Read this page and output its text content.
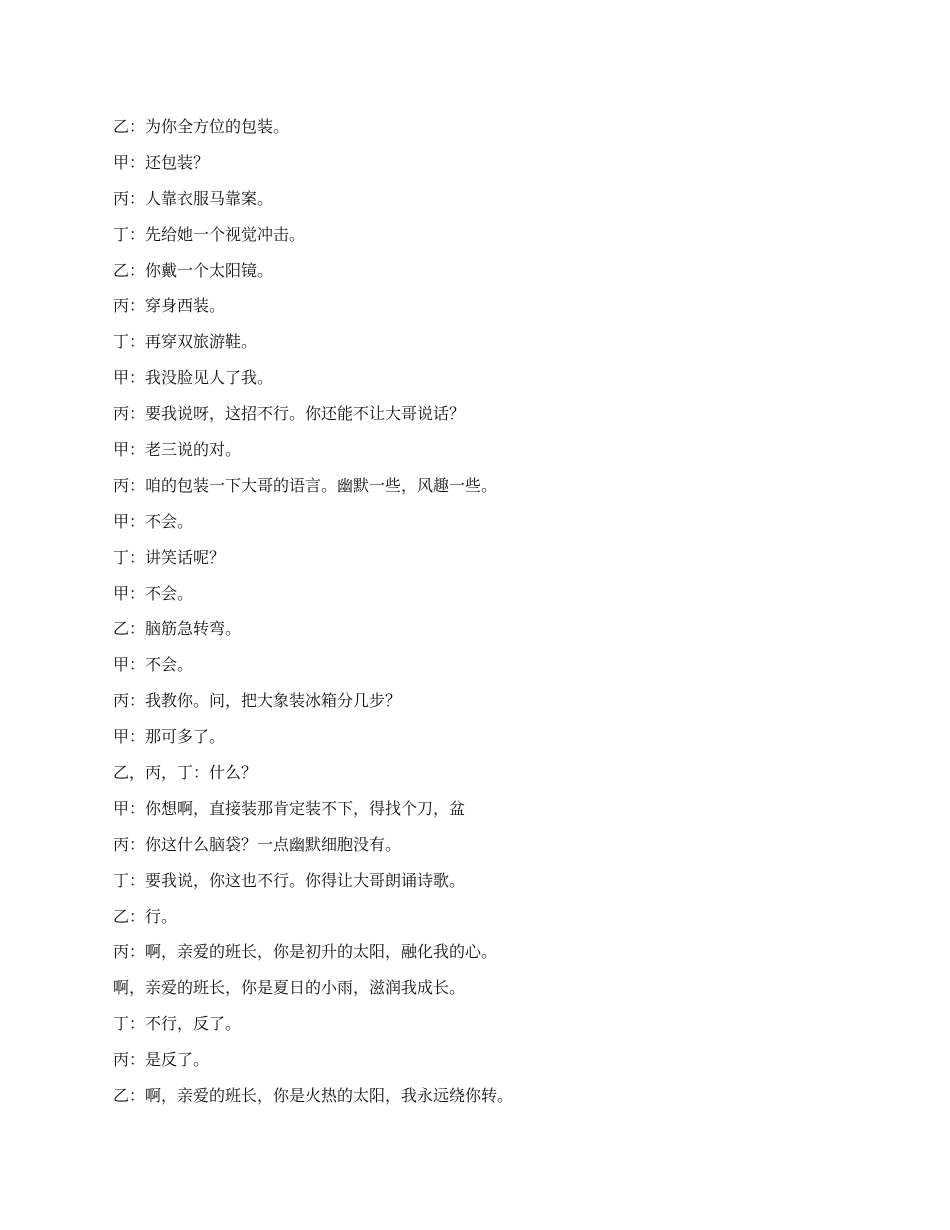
乙：为你全方位的包装。
甲：还包装？
丙：人靠衣服马靠案。
丁：先给她一个视觉冲击。
乙：你戴一个太阳镜。
丙：穿身西装。
丁：再穿双旅游鞋。
甲：我没脸见人了我。
丙：要我说呀，这招不行。你还能不让大哥说话？
甲：老三说的对。
丙：咱的包装一下大哥的语言。幽默一些，风趣一些。
甲：不会。
丁：讲笑话呢？
甲：不会。
乙：脑筋急转弯。
甲：不会。
丙：我教你。问，把大象装冰箱分几步？
甲：那可多了。
乙，丙，丁：什么？
甲：你想啊，直接装那肯定装不下，得找个刀，盆
丙：你这什么脑袋？一点幽默细胞没有。
丁：要我说，你这也不行。你得让大哥朗诵诗歌。
乙：行。
丙：啊，亲爱的班长，你是初升的太阳，融化我的心。
啊，亲爱的班长，你是夏日的小雨，滋润我成长。
丁：不行，反了。
丙：是反了。
乙：啊，亲爱的班长，你是火热的太阳，我永远绕你转。
